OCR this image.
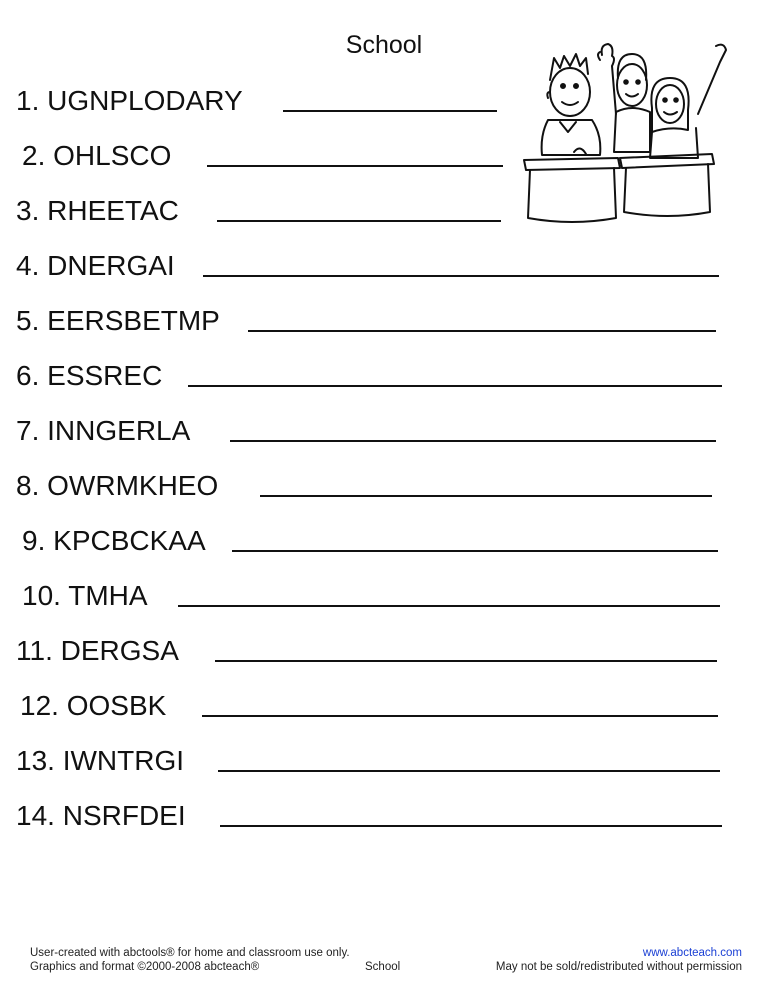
School
1. UGNPLODARY
2. OHLSCO
3. RHEETAC
4. DNERGAI
5. EERSBETMP
6. ESSREC
7. INNGERLA
8. OWRMKHEO
9. KPCBCKAA
10. TMHA
11. DERGSA
12. OOSBK
13. IWNTRGI
14. NSRFDEI
User-created with abctools® for home and classroom use only.	www.abcteach.com
Graphics and format ©2000-2008 abcteach®	School	May not be sold/redistributed without permission
